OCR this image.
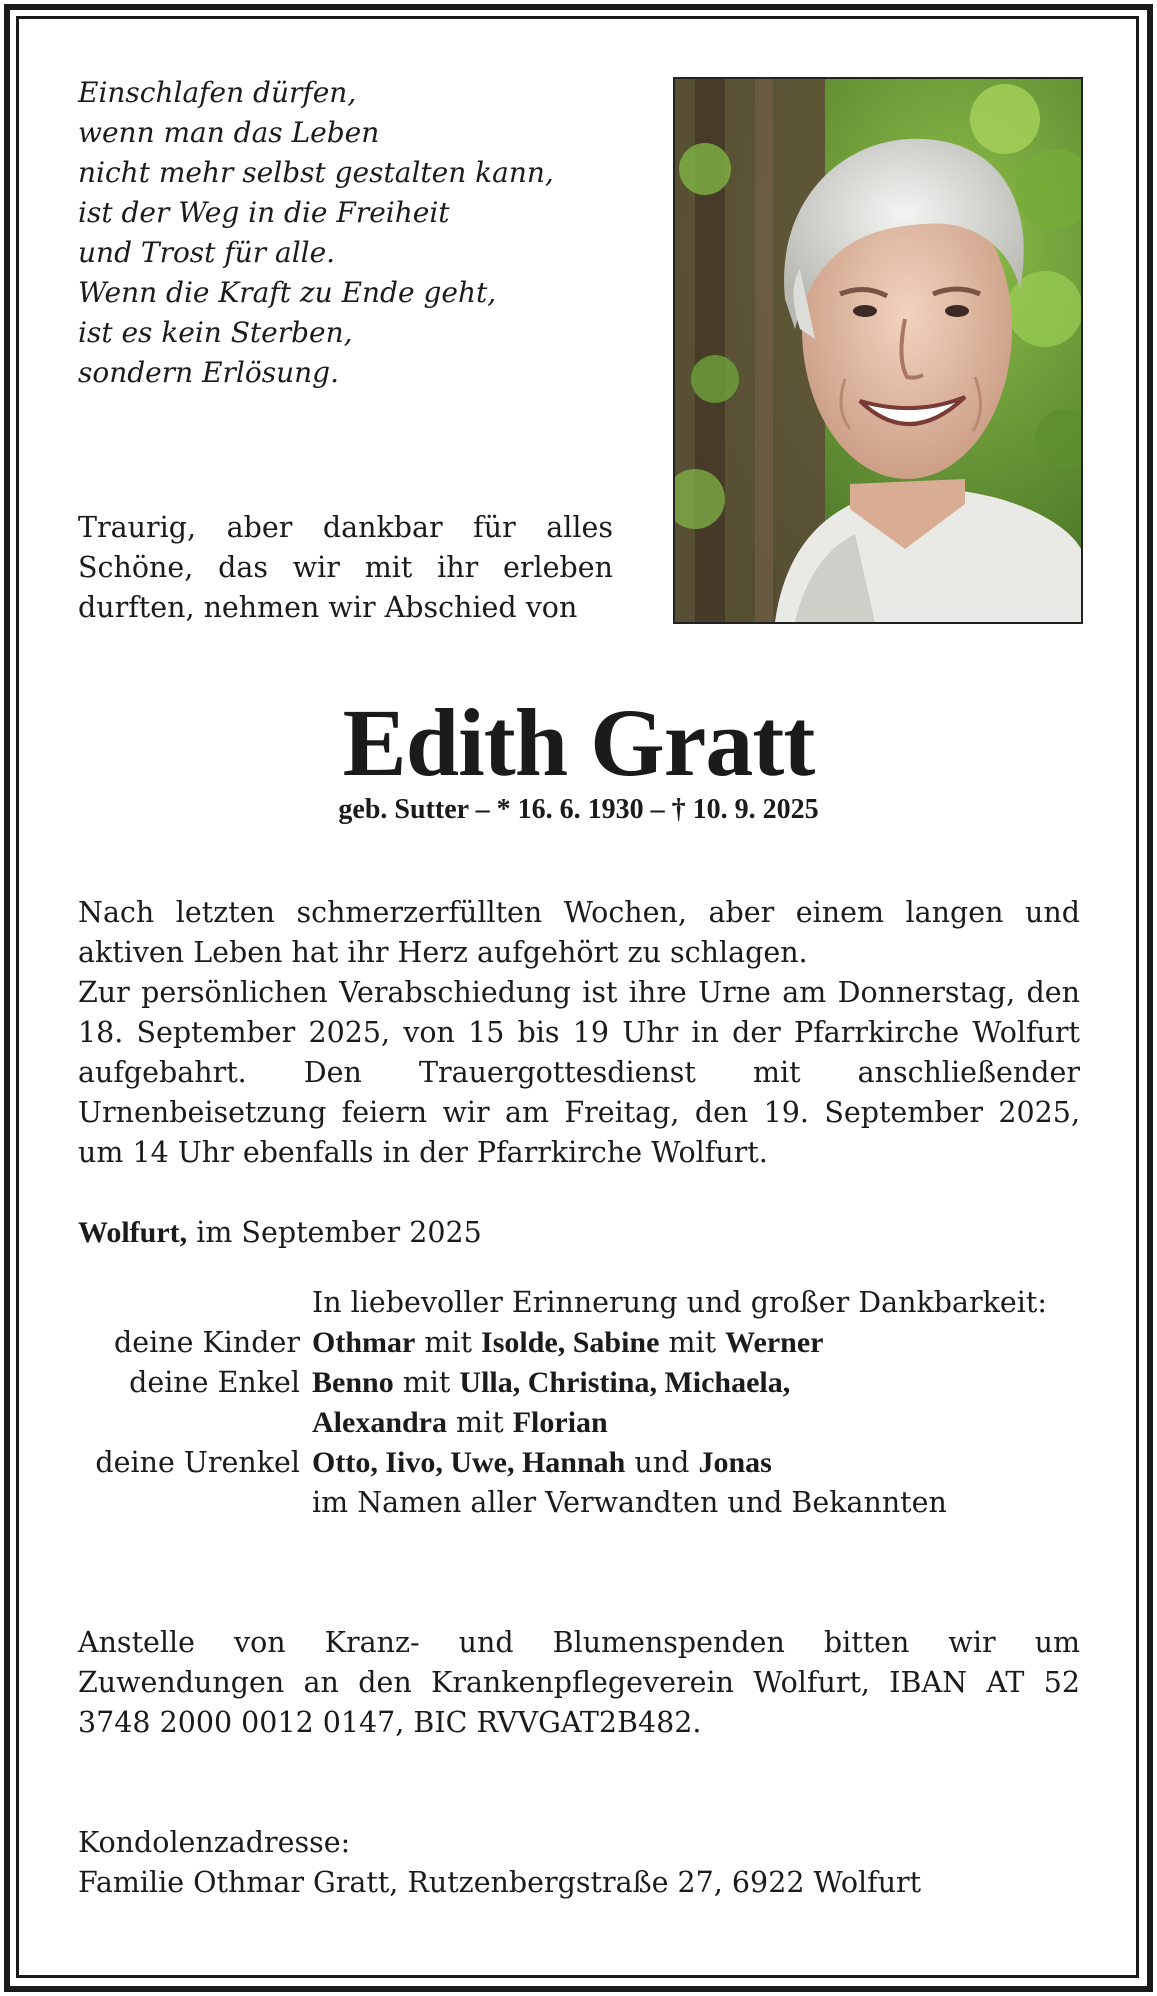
Einschlafen dürfen,
wenn man das Leben
nicht mehr selbst gestalten kann,
ist der Weg in die Freiheit
und Trost für alle.
Wenn die Kraft zu Ende geht,
ist es kein Sterben,
sondern Erlösung.
Traurig, aber dankbar für alles Schöne, das wir mit ihr erleben durften, nehmen wir Abschied von
Edith Gratt
geb. Sutter – * 16. 6. 1930 – † 10. 9. 2025

Nach letzten schmerzerfüllten Wochen, aber einem langen und aktiven Leben hat ihr Herz aufgehört zu schlagen.

Zur persönlichen Verabschiedung ist ihre Urne am Donnerstag, den 18. September 2025, von 15 bis 19 Uhr in der Pfarrkirche Wolfurt aufgebahrt. Den Trauergottesdienst mit anschließender Urnenbeisetzung feiern wir am Freitag, den 19. September 2025, um 14 Uhr ebenfalls in der Pfarrkirche Wolfurt.

Wolfurt, im September 2025
In liebevoller Erinnerung und großer Dankbarkeit:
deine Kinder Othmar mit Isolde, Sabine mit Werner
deine Enkel Benno mit Ulla, Christina, Michaela,
Alexandra mit Florian
deine Urenkel Otto, Iivo, Uwe, Hannah und Jonas
im Namen aller Verwandten und Bekannten
Anstelle von Kranz- und Blumenspenden bitten wir um Zuwendungen an den Krankenpflegeverein Wolfurt, IBAN AT 52 3748 2000 0012 0147, BIC RVVGAT2B482.
Kondolenzadresse:
Familie Othmar Gratt, Rutzenbergstraße 27, 6922 Wolfurt
